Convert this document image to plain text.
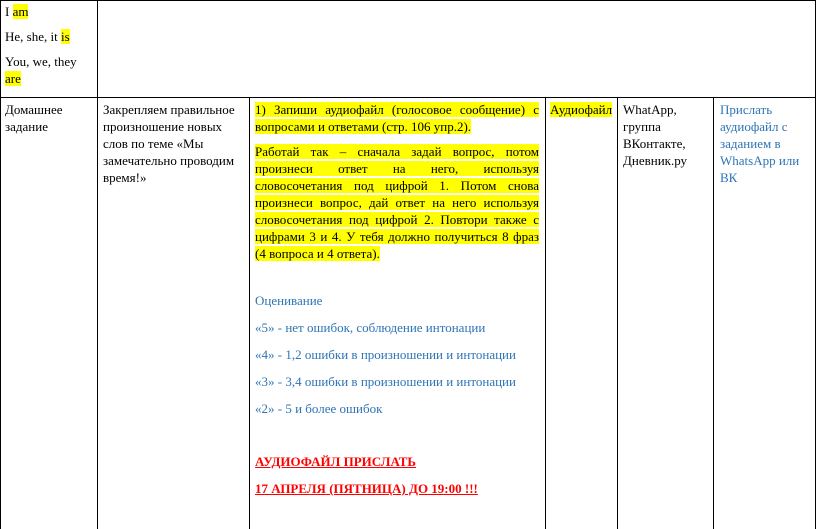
I am

He, she, it is

You, we, they
are

Домашнее задание

Закрепляем правильное произношение новых слов по теме «Мы замечательно проводим время!»

1) Запиши аудиофайл (голосовое сообщение) с вопросами и ответами (стр. 106 упр.2).

Работай так – сначала задай вопрос, потом произнеси ответ на него, используя словосочетания под цифрой 1. Потом снова произнеси вопрос, дай ответ на него используя словосочетания под цифрой 2. Повтори также с цифрами 3 и 4. У тебя должно получиться 8 фраз (4 вопроса и 4 ответа).

Оценивание

«5» - нет ошибок, соблюдение интонации

«4» - 1,2 ошибки в произношении и интонации

«3» - 3,4 ошибки в произношении и интонации

«2» - 5 и более ошибок

АУДИОФАЙЛ ПРИСЛАТЬ

17 АПРЕЛЯ (ПЯТНИЦА) ДО 19:00 !!!

Аудиофайл WhatApp, группа ВКонтакте, Дневник.ру

Прислать аудиофайл с заданием в WhatsApp или ВК
